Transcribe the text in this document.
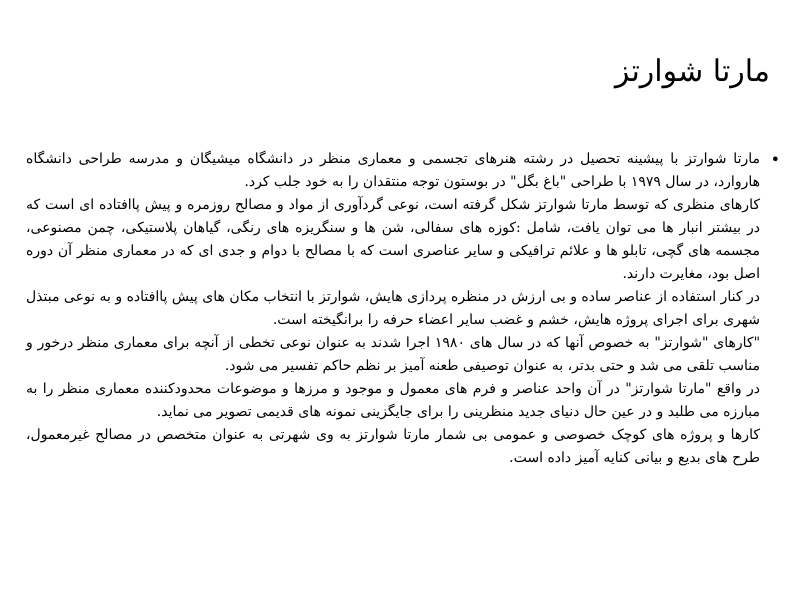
مارتا شوارتز
•

مارتا شوارتز با پیشینه تحصیل در رشته هنرهای تجسمی و معماری منظر در دانشگاه میشیگان و مدرسه طراحی دانشگاه هاروارد، در سال ۱۹۷۹ با طراحی "باغ بگل" در بوستون توجه منتقدان را به خود جلب کرد.

کارهای منظری که توسط مارتا شوارتز شکل گرفته است، نوعی گردآوری از مواد و مصالح روزمره و پیش پاافتاده ای است که در بیشتر انبار ها می توان یافت، شامل :کوزه های سفالی، شن ها و سنگریزه های رنگی، گیاهان پلاستیکی، چمن مصنوعی، مجسمه های گچی، تابلو ها و علائم ترافیکی و سایر عناصری است که با مصالح با دوام و جدی ای که در معماری منظر آن دوره اصل بود، مغایرت دارند.

در کنار استفاده از عناصر ساده و بی ارزش در منظره پردازی هایش، شوارتز با انتخاب مکان های پیش پاافتاده و به نوعی مبتذل شهری برای اجرای پروژه هایش، خشم و غضب سایر اعضاء حرفه را برانگیخته است.

"کارهای "شوارتز" به خصوص آنها که در سال های ۱۹۸۰ اجرا شدند به عنوان نوعی تخطی از آنچه برای معماری منظر درخور و مناسب تلقی می شد و حتی بدتر، به عنوان توصیفی طعنه آمیز بر نظم حاکم تفسیر می شود.

در واقع "مارتا شوارتز" در آن واحد عناصر و فرم های معمول و موجود و مرزها و موضوعات محدودکننده معماری منظر را به مبارزه می طلبد و در عین حال دنیای جدید منظرینی را برای جایگزینی نمونه های قدیمی تصویر می نماید.

کارها و پروژه های کوچک خصوصی و عمومی بی شمار مارتا شوارتز به وی شهرتی به عنوان متخصص در مصالح غیرمعمول، طرح های بدیع و بیانی کنایه آمیز داده است.
